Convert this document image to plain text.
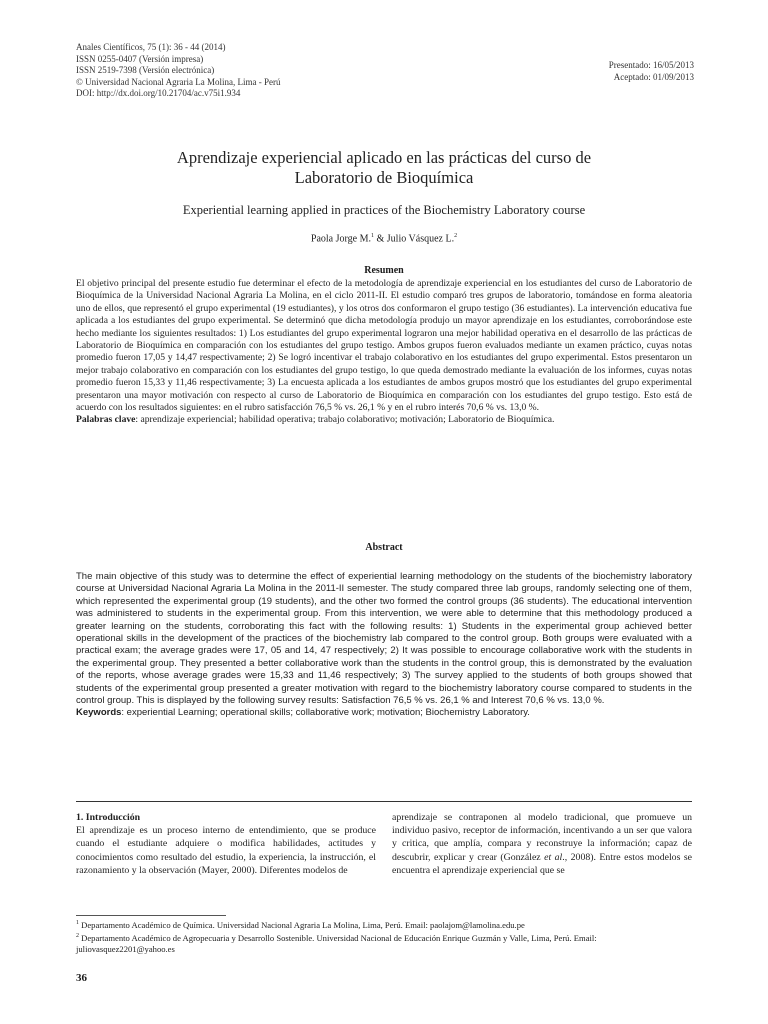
Anales Científicos, 75 (1): 36 - 44 (2014)
ISSN 0255-0407 (Versión impresa)
ISSN 2519-7398 (Versión electrónica)
© Universidad Nacional Agraria La Molina, Lima - Perú
DOI: http://dx.doi.org/10.21704/ac.v75i1.934
Presentado: 16/05/2013
Aceptado: 01/09/2013
Aprendizaje experiencial aplicado en las prácticas del curso de
Laboratorio de Bioquímica
Experiential learning applied in practices of the Biochemistry Laboratory course
Paola Jorge M.$^1$ & Julio Vásquez L.$^2$
Resumen
El objetivo principal del presente estudio fue determinar el efecto de la metodología de aprendizaje experiencial en los estudiantes del curso de Laboratorio de Bioquímica de la Universidad Nacional Agraria La Molina, en el ciclo 2011-II. El estudio comparó tres grupos de laboratorio, tomándose en forma aleatoria uno de ellos, que representó el grupo experimental (19 estudiantes), y los otros dos conformaron el grupo testigo (36 estudiantes). La intervención educativa fue aplicada a los estudiantes del grupo experimental. Se determinó que dicha metodología produjo un mayor aprendizaje en los estudiantes, corroborándose este hecho mediante los siguientes resultados: 1) Los estudiantes del grupo experimental lograron una mejor habilidad operativa en el desarrollo de las prácticas de Laboratorio de Bioquímica en comparación con los estudiantes del grupo testigo. Ambos grupos fueron evaluados mediante un examen práctico, cuyas notas promedio fueron 17,05 y 14,47 respectivamente; 2) Se logró incentivar el trabajo colaborativo en los estudiantes del grupo experimental. Estos presentaron un mejor trabajo colaborativo en comparación con los estudiantes del grupo testigo, lo que queda demostrado mediante la evaluación de los informes, cuyas notas promedio fueron 15,33 y 11,46 respectivamente; 3) La encuesta aplicada a los estudiantes de ambos grupos mostró que los estudiantes del grupo experimental presentaron una mayor motivación con respecto al curso de Laboratorio de Bioquímica en comparación con los estudiantes del grupo testigo. Esto está de acuerdo con los resultados siguientes: en el rubro satisfacción 76,5 % vs. 26,1 % y en el rubro interés 70,6 % vs. 13,0 %.
Palabras clave: aprendizaje experiencial; habilidad operativa; trabajo colaborativo; motivación; Laboratorio de Bioquímica.
Abstract
The main objective of this study was to determine the effect of experiential learning methodology on the students of the biochemistry laboratory course at Universidad Nacional Agraria La Molina in the 2011-II semester. The study compared three lab groups, randomly selecting one of them, which represented the experimental group (19 students), and the other two formed the control groups (36 students). The educational intervention was administered to students in the experimental group. From this intervention, we were able to determine that this methodology produced a greater learning on the students, corroborating this fact with the following results: 1) Students in the experimental group achieved better operational skills in the development of the practices of the biochemistry lab compared to the control group. Both groups were evaluated with a practical exam; the average grades were 17, 05 and 14, 47 respectively; 2) It was possible to encourage collaborative work with the students in the experimental group. They presented a better collaborative work than the students in the control group, this is demonstrated by the evaluation of the reports, whose average grades were 15,33 and 11,46 respectively; 3) The survey applied to the students of both groups showed that students of the experimental group presented a greater motivation with regard to the biochemistry laboratory course compared to students in the control group. This is displayed by the following survey results: Satisfaction 76,5 % vs. 26,1 % and Interest 70,6 % vs. 13,0 %.
Keywords: experiential Learning; operational skills; collaborative work; motivation; Biochemistry Laboratory.
1. Introducción
El aprendizaje es un proceso interno de entendimiento, que se produce cuando el estudiante adquiere o modifica habilidades, actitudes y conocimientos como resultado del estudio, la experiencia, la instrucción, el razonamiento y la observación (Mayer, 2000). Diferentes modelos de
aprendizaje se contraponen al modelo tradicional, que promueve un individuo pasivo, receptor de información, incentivando a un ser que valora y critica, que amplía, compara y reconstruye la información; capaz de descubrir, explicar y crear (González et al., 2008). Entre estos modelos se encuentra el aprendizaje experiencial que se
$^1$ Departamento Académico de Química. Universidad Nacional Agraria La Molina, Lima, Perú. Email: paolajom@lamolina.edu.pe
$^2$ Departamento Académico de Agropecuaria y Desarrollo Sostenible. Universidad Nacional de Educación Enrique Guzmán y Valle, Lima, Perú. Email: juliovasquez2201@yahoo.es
36
